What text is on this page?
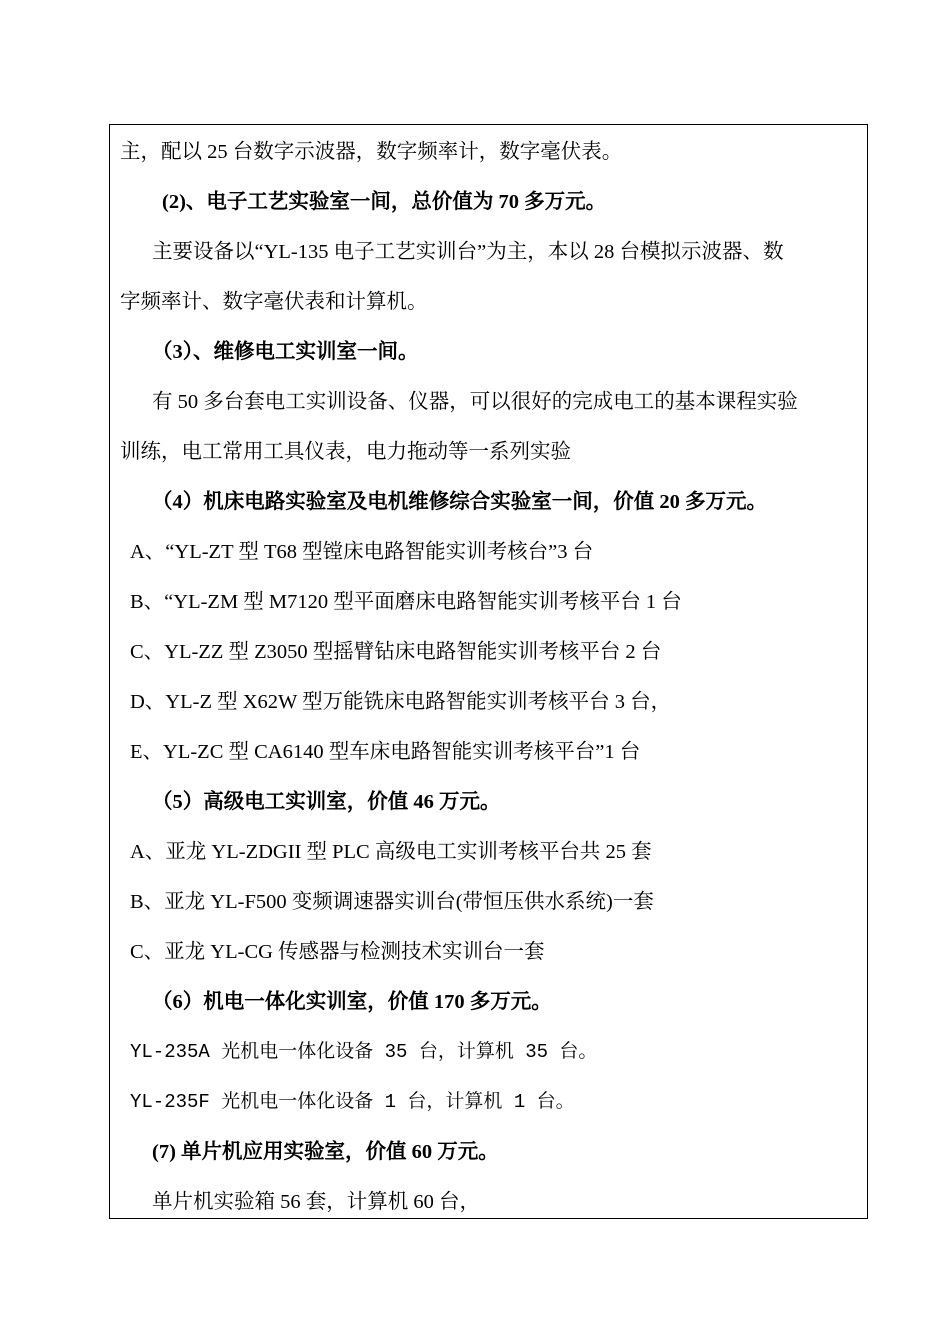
主，配以 25 台数字示波器，数字频率计，数字毫伏表。
(2)、电子工艺实验室一间，总价值为 70 多万元。
主要设备以“YL-135 电子工艺实训台”为主，本以 28 台模拟示波器、数
字频率计、数字毫伏表和计算机。
（3）、维修电工实训室一间。
有 50 多台套电工实训设备、仪器，可以很好的完成电工的基本课程实验
训练，电工常用工具仪表，电力拖动等一系列实验
（4）机床电路实验室及电机维修综合实验室一间，价值 20 多万元。
A、“YL-ZT 型 T68 型镗床电路智能实训考核台”3 台
B、“YL-ZM 型 M7120 型平面磨床电路智能实训考核平台 1 台
C、YL-ZZ 型 Z3050 型摇臂钻床电路智能实训考核平台 2 台
D、YL-Z 型 X62W 型万能铣床电路智能实训考核平台 3 台，
E、YL-ZC 型 CA6140 型车床电路智能实训考核平台”1 台
（5）高级电工实训室，价值 46 万元。
A、亚龙 YL-ZDGII 型 PLC 高级电工实训考核平台共 25 套
B、亚龙 YL-F500 变频调速器实训台(带恒压供水系统)一套
C、亚龙 YL-CG 传感器与检测技术实训台一套
（6）机电一体化实训室，价值 170 多万元。
YL-235A 光机电一体化设备 35 台，计算机 35 台。
YL-235F 光机电一体化设备 1 台，计算机 1 台。
(7) 单片机应用实验室，价值 60 万元。
单片机实验箱 56 套，计算机 60 台，
